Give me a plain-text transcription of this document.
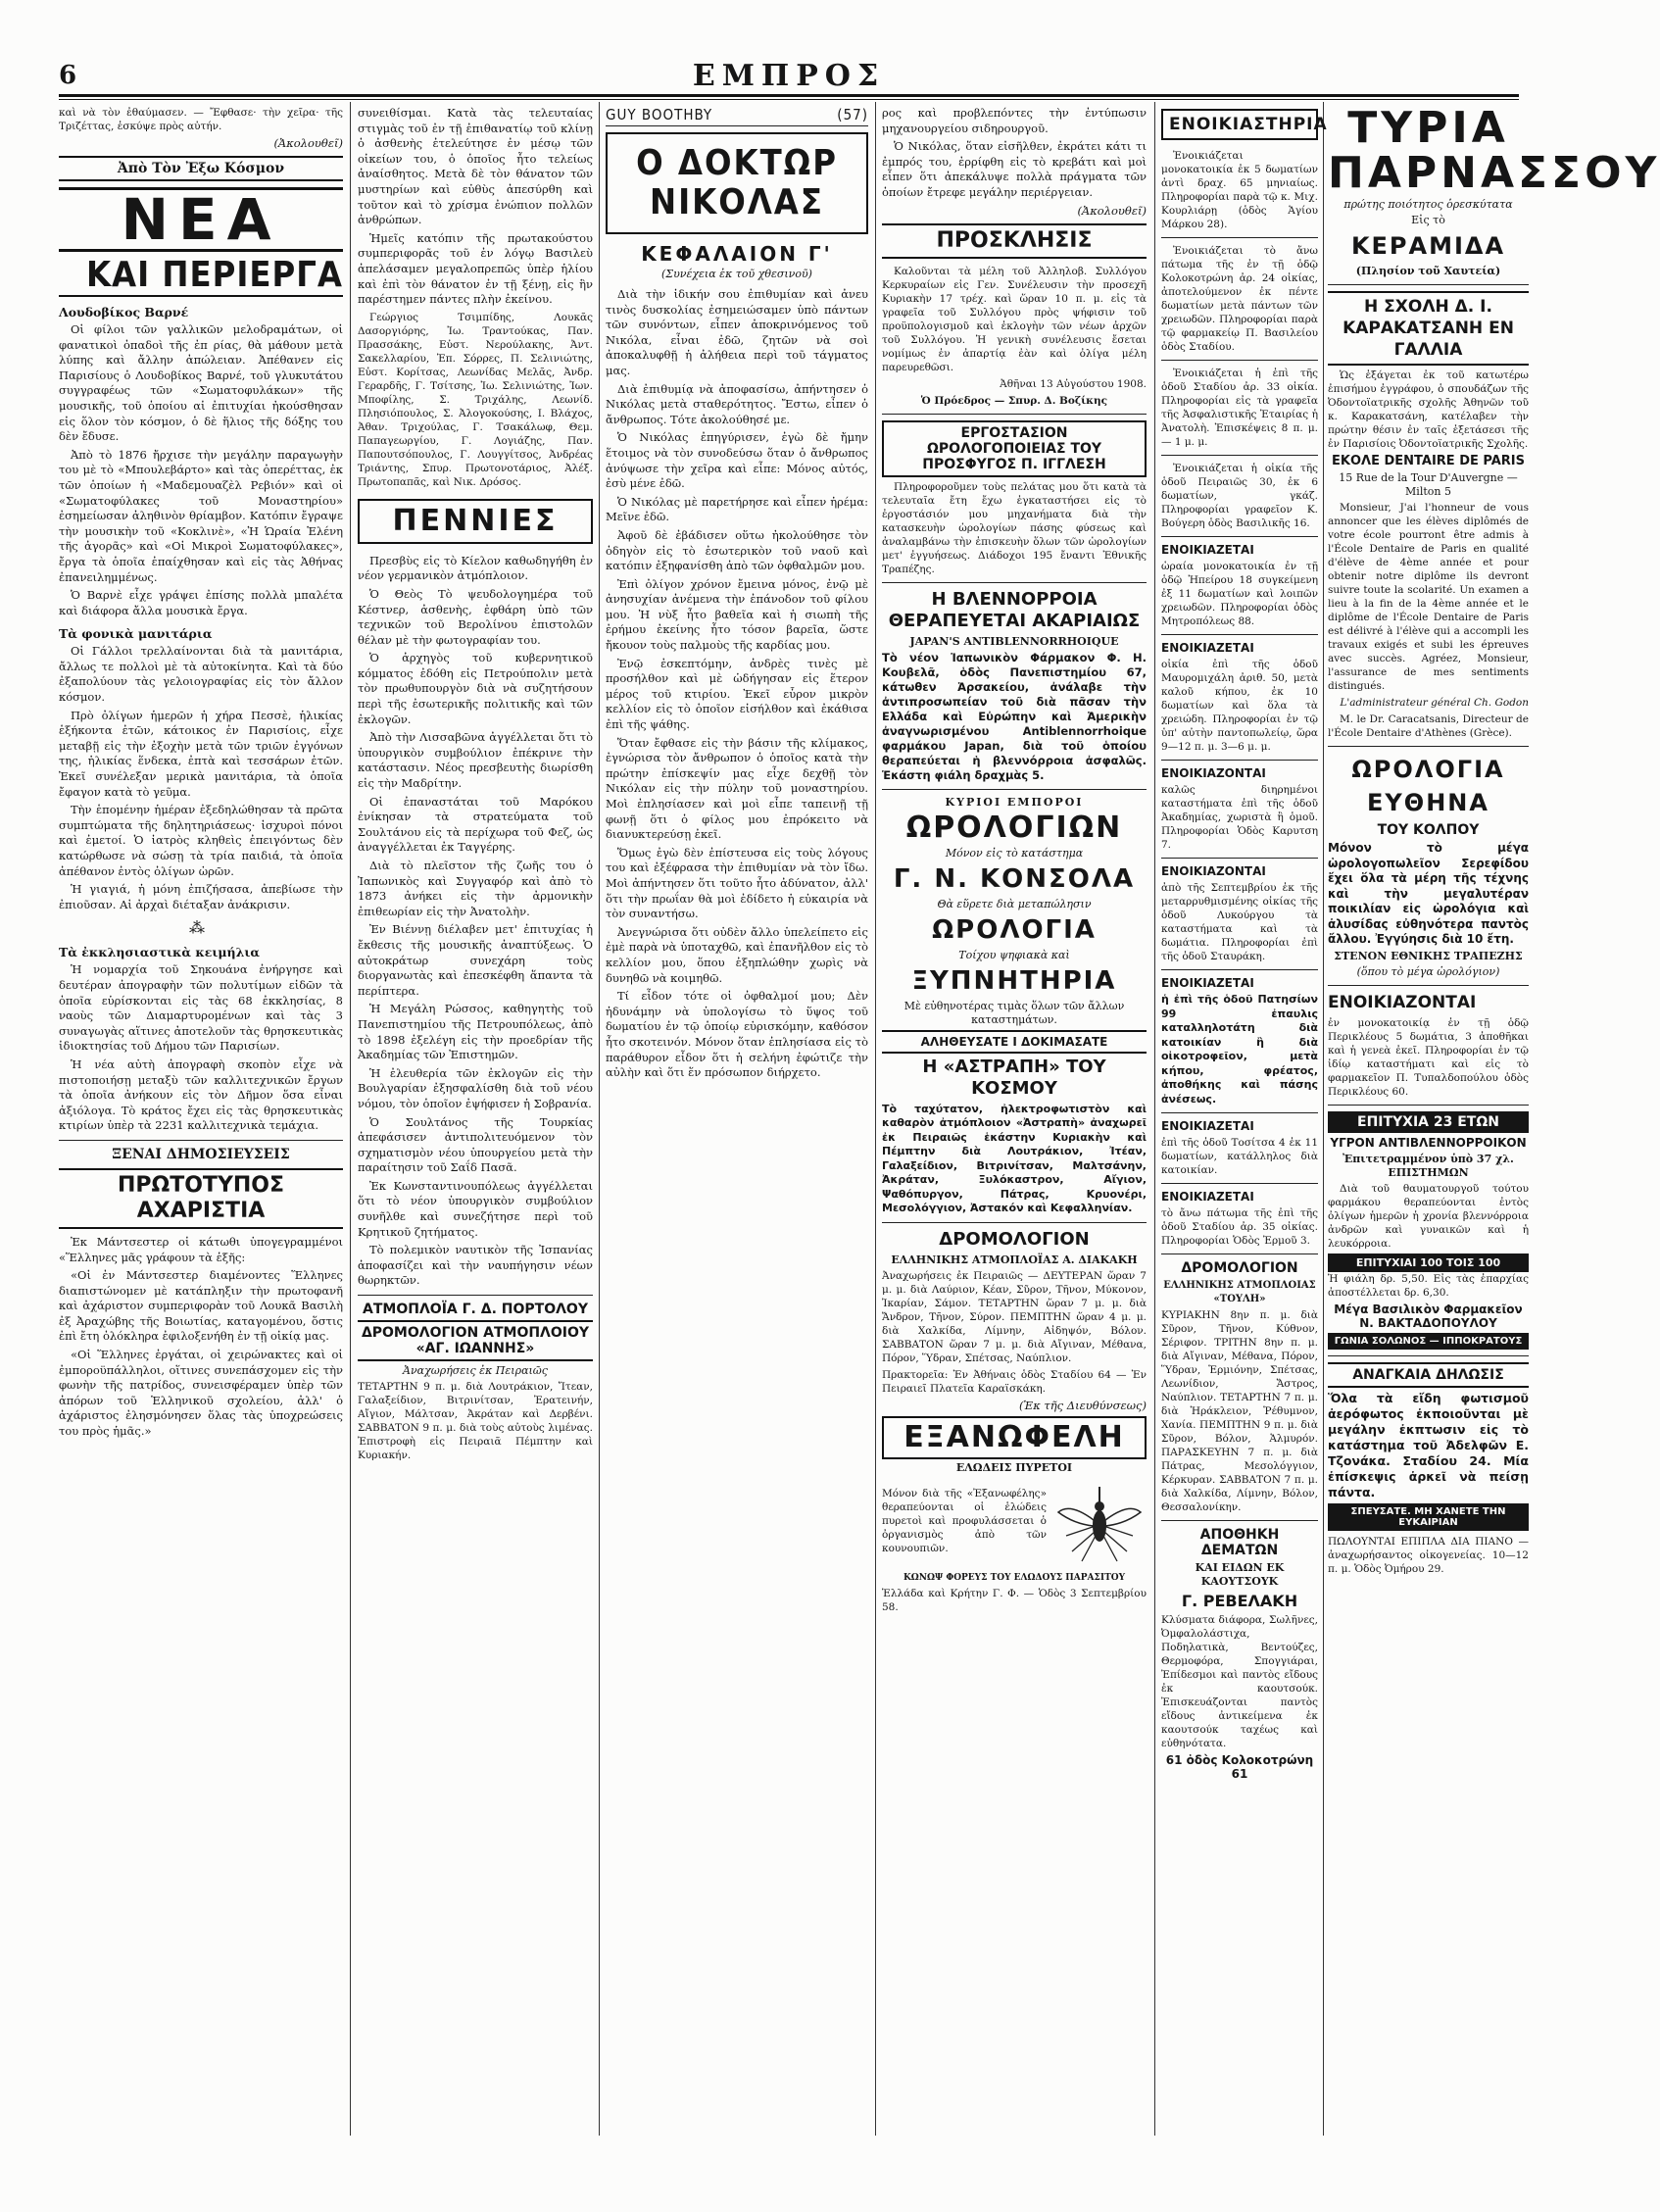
6	ΕΜΠΡΟΣ
καὶ νὰ τὸν ἐθαύμασεν. — Ἔφθασε· τὴν χεῖρα· τῆς Τριζέττας, ἐσκύψε πρὸς αὐτήν.
(Ἀκολουθεῖ)
Ἀπὸ Τὸν Ἐξω Κόσμον
ΝΕΑ
ΚΑΙ ΠΕΡΙΕΡΓΑ
Λουδοβίκος Βαρνέ
Οἱ φίλοι τῶν γαλλικῶν μελοδραμάτων, οἱ φανατικοὶ ὀπαδοὶ τῆς ἐπ ρίας, θὰ μάθουν μετὰ λύπης καὶ ἄλλην ἀπώλειαν. Ἀπέθανεν εἰς Παρισίους ὁ Λουδοβίκος Βαρνέ, τοῦ γλυκυτάτου συγγραφέως τῶν «Σωματοφυλάκων» τῆς μουσικῆς, τοῦ ὁποίου αἱ ἐπιτυχίαι ἠκούσθησαν εἰς ὅλον τὸν κόσμον, ὁ δὲ ἥλιος τῆς δόξης του δὲν ἔδυσε.
Ἀπὸ τὸ 1876 ἤρχισε τὴν μεγάλην παραγωγὴν του μὲ τὸ «Μπουλεβάρτο» καὶ τὰς ὀπερέττας, ἐκ τῶν ὁποίων ἡ «Μαδεμουαζὲλ Ρεβιόν» καὶ οἱ «Σωματοφύλακες τοῦ Μοναστηρίου» ἐσημείωσαν ἀληθινὸν θρίαμβον. Κατόπιν ἔγραψε τὴν μουσικὴν τοῦ «Κοκλινὲ», «Ἡ Ὡραία Ἑλένη τῆς ἀγορᾶς» καὶ «Οἱ Μικροὶ Σωματοφύλακες», ἔργα τὰ ὁποῖα ἐπαίχθησαν καὶ εἰς τὰς Ἀθήνας ἐπανειλημμένως.
Ὁ Βαρνὲ εἶχε γράψει ἐπίσης πολλὰ μπαλέτα καὶ διάφορα ἄλλα μουσικὰ ἔργα.
Τὰ φονικὰ μανιτάρια
Οἱ Γάλλοι τρελλαίνονται διὰ τὰ μανιτάρια, ἄλλως τε πολλοὶ μὲ τὰ αὐτοκίνητα. Καὶ τὰ δύο ἐξαπολύουν τὰς γελοιογραφίας εἰς τὸν ἄλλον κόσμον.
Πρὸ ὀλίγων ἡμερῶν ἡ χήρα Πεσσὲ, ἡλικίας ἑξήκοντα ἐτῶν, κάτοικος ἐν Παρισίοις, εἶχε μεταβῇ εἰς τὴν ἐξοχὴν μετὰ τῶν τριῶν ἐγγόνων της, ἡλικίας ἕνδεκα, ἐπτὰ καὶ τεσσάρων ἐτῶν. Ἐκεῖ συνέλεξαν μερικὰ μανιτάρια, τὰ ὁποῖα ἔφαγον κατὰ τὸ γεῦμα.
Τὴν ἑπομένην ἡμέραν ἐξεδηλώθησαν τὰ πρῶτα συμπτώματα τῆς δηλητηριάσεως· ἰσχυροὶ πόνοι καὶ ἐμετοί. Ὁ ἰατρὸς κληθεὶς ἐπειγόντως δὲν κατώρθωσε νὰ σώσῃ τὰ τρία παιδιά, τὰ ὁποῖα ἀπέθανον ἐντὸς ὀλίγων ὡρῶν.
Ἡ γιαγιά, ἡ μόνη ἐπιζήσασα, ἀπεβίωσε τὴν ἐπιοῦσαν. Αἱ ἀρχαὶ διέταξαν ἀνάκρισιν.
⁂
Τὰ ἐκκλησιαστικὰ κειμήλια
Ἡ νομαρχία τοῦ Σηκουάνα ἐνήργησε καὶ δευτέραν ἀπογραφὴν τῶν πολυτίμων εἰδῶν τὰ ὁποῖα εὑρίσκονται εἰς τὰς 68 ἐκκλησίας, 8 ναοὺς τῶν Διαμαρτυρομένων καὶ τὰς 3 συναγωγὰς αἵτινες ἀποτελοῦν τὰς θρησκευτικὰς ἰδιοκτησίας τοῦ Δήμου τῶν Παρισίων.
Ἡ νέα αὐτὴ ἀπογραφὴ σκοπὸν εἶχε νὰ πιστοποιήσῃ μεταξὺ τῶν καλλιτεχνικῶν ἔργων τὰ ὁποῖα ἀνήκουν εἰς τὸν Δῆμον ὅσα εἶναι ἀξιόλογα. Τὸ κράτος ἔχει εἰς τὰς θρησκευτικὰς κτιρίων ὑπὲρ τὰ 2231 καλλιτεχνικὰ τεμάχια.
ΞΕΝΑΙ ΔΗΜΟΣΙΕΥΣΕΙΣ
ΠΡΩΤΟΤΥΠΟΣ ΑΧΑΡΙΣΤΙΑ
Ἐκ Μάντσεστερ οἱ κάτωθι ὑπογεγραμμένοι «Ἕλληνες μᾶς γράφουν τὰ ἑξῆς:
«Οἱ ἐν Μάντσεστερ διαμένοντες Ἕλληνες διαπιστώνομεν μὲ κατάπληξιν τὴν πρωτοφανῆ καὶ ἀχάριστον συμπεριφορὰν τοῦ Λουκᾶ Βασιλὴ ἐξ Ἀραχώβης τῆς Βοιωτίας, καταγομένου, ὅστις ἐπὶ ἔτη ὁλόκληρα ἐφιλοξενήθη ἐν τῇ οἰκίᾳ μας.
«Οἱ Ἕλληνες ἐργάται, οἱ χειρώνακτες καὶ οἱ ἐμποροϋπάλληλοι, οἵτινες συνεπάσχομεν εἰς τὴν φωνὴν τῆς πατρίδος, συνεισφέραμεν ὑπὲρ τῶν ἀπόρων τοῦ Ἑλληνικοῦ σχολείου, ἀλλ' ὁ ἀχάριστος ἐλησμόνησεν ὅλας τὰς ὑποχρεώσεις του πρὸς ἡμᾶς.»
συνειθίσμαι. Κατὰ τὰς τελευταίας στιγμὰς τοῦ ἐν τῇ ἐπιθανατίῳ τοῦ κλίνῃ ὁ ἀσθενὴς ἐτελεύτησε ἐν μέσῳ τῶν οἰκείων του, ὁ ὁποῖος ἦτο τελείως ἀναίσθητος. Μετὰ δὲ τὸν θάνατον τῶν μυστηρίων καὶ εὐθὺς ἀπεσύρθη καὶ τοῦτον καὶ τὸ χρίσμα ἐνώπιον πολλῶν ἀνθρώπων.
Ἡμεῖς κατόπιν τῆς πρωτακούστου συμπεριφορᾶς τοῦ ἐν λόγῳ Βασιλεὺ ἀπελάσαμεν μεγαλοπρεπῶς ὑπὲρ ἡλίου καὶ ἐπὶ τὸν θάνατον ἐν τῇ ξένῃ, εἰς ἣν παρέστημεν πάντες πλὴν ἐκείνου.
Γεώργιος Τσιμπίδης, Λουκᾶς Δασοργιόρης, Ἰω. Τραντούκας, Παν. Πρασσάκης, Εὐστ. Νερούλακης, Ἀντ. Σακελλαρίου, Ἐπ. Σόρρες, Π. Σελινιώτης, Εὐστ. Κορίτσας, Λεωνίδας Μελᾶς, Ἀνδρ. Γεραρδῆς, Γ. Τσίτσης, Ἰω. Σελινιώτης, Ἰων. Μποφίλης, Σ. Τριχάλης, Λεωνίδ. Πλησιόπουλος, Σ. Ἀλογοκούσης, Ι. Βλάχος, Ἀθαν. Τριχούλας, Γ. Τσακάλωφ, Θεμ. Παπαγεωργίου, Γ. Λογιάζης, Παν. Παπουτσόπουλος, Γ. Λουγγίτσος, Ἀνδρέας Τριάντης, Σπυρ. Πρωτονοτάριος, Ἀλέξ. Πρωτοπαπᾶς, καὶ Νικ. Δρόσος.
ΠΕΝΝΙΕΣ
Πρεσβὺς εἰς τὸ Κίελον καθωδηγήθη ἐν νέον γερμανικὸν ἀτμόπλοιον.
Ὁ Θεὸς Τὸ ψευδολογημέρα τοῦ Κέστνερ, ἀσθενὴς, ἐφθάρη ὑπὸ τῶν τεχνικῶν τοῦ Βερολίνου ἐπιστολῶν θέλαν μὲ τὴν φωτογραφίαν του.
Ὁ ἀρχηγὸς τοῦ κυβερνητικοῦ κόμματος ἐδόθη εἰς Πετρούπολιν μετὰ τὸν πρωθυπουργὸν διὰ νὰ συζητήσουν περὶ τῆς ἐσωτερικῆς πολιτικῆς καὶ τῶν ἐκλογῶν.
Ἀπὸ τὴν Λισσαβῶνα ἀγγέλλεται ὅτι τὸ ὑπουργικὸν συμβούλιον ἐπέκρινε τὴν κατάστασιν. Νέος πρεσβευτὴς διωρίσθη εἰς τὴν Μαδρίτην.
Οἱ ἐπαναστάται τοῦ Μαρόκου ἐνίκησαν τὰ στρατεύματα τοῦ Σουλτάνου εἰς τὰ περίχωρα τοῦ Φεζ, ὡς ἀναγγέλλεται ἐκ Ταγγέρης.
Διὰ τὸ πλεῖστον τῆς ζωῆς του ὁ Ἰαπωνικὸς καὶ Συγγαφόρ καὶ ἀπὸ τὸ 1873 ἀνήκει εἰς τὴν ἀρμονικὴν ἐπιθεωρίαν εἰς τὴν Ἀνατολὴν.
Ἐν Βιέννῃ διέλαβεν μετ' ἐπιτυχίας ἡ ἔκθεσις τῆς μουσικῆς ἀναπτύξεως. Ὁ αὐτοκράτωρ συνεχάρη τοὺς διοργανωτὰς καὶ ἐπεσκέφθη ἅπαντα τὰ περίπτερα.
Ἡ Μεγάλη Ρώσσος, καθηγητὴς τοῦ Πανεπιστημίου τῆς Πετρουπόλεως, ἀπὸ τὸ 1898 ἐξελέγη εἰς τὴν προεδρίαν τῆς Ἀκαδημίας τῶν Ἐπιστημῶν.
Ἡ ἐλευθερία τῶν ἐκλογῶν εἰς τὴν Βουλγαρίαν ἐξησφαλίσθη διὰ τοῦ νέου νόμου, τὸν ὁποῖον ἐψήφισεν ἡ Σοβρανία.
Ὁ Σουλτάνος τῆς Τουρκίας ἀπεφάσισεν ἀντιπολιτευόμενον τὸν σχηματισμὸν νέου ὑπουργείου μετὰ τὴν παραίτησιν τοῦ Σαΐδ Πασᾶ.
Ἐκ Κωνσταντινουπόλεως ἀγγέλλεται ὅτι τὸ νέον ὑπουργικὸν συμβούλιον συνῆλθε καὶ συνεζήτησε περὶ τοῦ Κρητικοῦ ζητήματος.
Τὸ πολεμικὸν ναυτικὸν τῆς Ἰσπανίας ἀποφασίζει καὶ τὴν ναυπήγησιν νέων θωρηκτῶν.
ΑΤΜΟΠΛΟΪΑ Γ. Δ. ΠΟΡΤΟΛΟΥ
ΔΡΟΜΟΛΟΓΙΟΝ ΑΤΜΟΠΛΟΙΟΥ «ΑΓ. ΙΩΑΝΝΗΣ»
Ἀναχωρήσεις ἐκ Πειραιῶς
ΤΕΤΑΡΤΗΝ 9 π. μ. διὰ Λουτράκιον, Ἴτεαν, Γαλαξείδιον, Βιτρινίτσαν, Ἐρατεινήν, Αἴγιον, Μάλτσαν, Ἀκράταν καὶ Δερβένι. ΣΑΒΒΑΤΟΝ 9 π. μ. διὰ τοὺς αὐτοὺς λιμένας. Ἐπιστροφὴ εἰς Πειραιᾶ Πέμπτην καὶ Κυριακήν.
GUY BOOTHBY	(57)
Ο ΔΟΚΤΩΡ ΝΙΚΟΛΑΣ
ΚΕΦΑΛΑΙΟΝ Γ'
(Συνέχεια ἐκ τοῦ χθεσινοῦ)
Διὰ τὴν ἰδικήν σου ἐπιθυμίαν καὶ ἀνευ τινὸς δυσκολίας ἐσημειώσαμεν ὑπὸ πάντων τῶν συνόντων, εἶπεν ἀποκρινόμενος τοῦ Νικόλα, εἶναι ἐδῶ, ζητῶν νὰ σοὶ ἀποκαλυφθῇ ἡ ἀλήθεια περὶ τοῦ τάγματος μας.
Διὰ ἐπιθυμίᾳ νὰ ἀποφασίσω, ἀπήντησεν ὁ Νικόλας μετὰ σταθερότητος. Ἔστω, εἶπεν ὁ ἄνθρωπος. Τότε ἀκολούθησέ με.
Ὁ Νικόλας ἐπηγύρισεν, ἐγὼ δὲ ἤμην ἕτοιμος νὰ τὸν συνοδεύσω ὅταν ὁ ἄνθρωπος ἀνύψωσε τὴν χεῖρα καὶ εἶπε: Μόνος αὐτός, ἐσὺ μένε ἐδῶ.
Ὁ Νικόλας μὲ παρετήρησε καὶ εἶπεν ἠρέμα: Μεῖνε ἐδῶ.
Ἀφοῦ δὲ ἐβάδισεν οὕτω ἠκολούθησε τὸν ὁδηγὸν εἰς τὸ ἐσωτερικὸν τοῦ ναοῦ καὶ κατόπιν ἐξηφανίσθη ἀπὸ τῶν ὀφθαλμῶν μου.
Ἐπὶ ὀλίγον χρόνον ἔμεινα μόνος, ἐνῷ μὲ ἀνησυχίαν ἀνέμενα τὴν ἐπάνοδον τοῦ φίλου μου. Ἡ νὺξ ἦτο βαθεῖα καὶ ἡ σιωπὴ τῆς ἐρήμου ἐκείνης ἦτο τόσον βαρεῖα, ὥστε ἤκουον τοὺς παλμοὺς τῆς καρδίας μου.
Ἐνῷ ἐσκεπτόμην, ἀνδρὲς τινὲς μὲ προσήλθον καὶ μὲ ὡδήγησαν εἰς ἕτερον μέρος τοῦ κτιρίου. Ἐκεῖ εὗρον μικρὸν κελλίον εἰς τὸ ὁποῖον εἰσήλθον καὶ ἐκάθισα ἐπὶ τῆς ψάθης.
Ὅταν ἔφθασε εἰς τὴν βάσιν τῆς κλίμακος, ἐγνώρισα τὸν ἄνθρωπον ὁ ὁποῖος κατὰ τὴν πρώτην ἐπίσκεψίν μας εἶχε δεχθῇ τὸν Νικόλαν εἰς τὴν πύλην τοῦ μοναστηρίου. Μοὶ ἐπλησίασεν καὶ μοὶ εἶπε ταπεινῇ τῇ φωνῇ ὅτι ὁ φίλος μου ἐπρόκειτο νὰ διανυκτερεύσῃ ἐκεῖ.
Ὅμως ἐγὼ δὲν ἐπίστευσα εἰς τοὺς λόγους του καὶ ἐξέφρασα τὴν ἐπιθυμίαν νὰ τὸν ἴδω. Μοὶ ἀπήντησεν ὅτι τοῦτο ἦτο ἀδύνατον, ἀλλ' ὅτι τὴν πρωΐαν θὰ μοὶ ἐδίδετο ἡ εὐκαιρία νὰ τὸν συναντήσω.
Ἀνεγνώρισα ὅτι οὐδὲν ἄλλο ὑπελείπετο εἰς ἐμὲ παρὰ νὰ ὑποταχθῶ, καὶ ἐπανῆλθον εἰς τὸ κελλίον μου, ὅπου ἐξηπλώθην χωρὶς νὰ δυνηθῶ νὰ κοιμηθῶ.
Τί εἶδον τότε οἱ ὀφθαλμοί μου; Δὲν ἠδυνάμην νὰ ὑπολογίσω τὸ ὕψος τοῦ δωματίου ἐν τῷ ὁποίῳ εὑρισκόμην, καθόσον ἦτο σκοτεινόν. Μόνον ὅταν ἐπλησίασα εἰς τὸ παράθυρον εἶδον ὅτι ἡ σελήνη ἐφώτιζε τὴν αὐλὴν καὶ ὅτι ἕν πρόσωπον διήρχετο.
ρος καὶ προβλεπόντες τὴν ἐντύπωσιν μηχανουργείου σιδηρουργοῦ.
Ὁ Νικόλας, ὅταν εἰσῆλθεν, ἐκράτει κάτι τι ἐμπρός του, ἐρρίφθη εἰς τὸ κρεβάτι καὶ μοὶ εἶπεν ὅτι ἀπεκάλυψε πολλὰ πράγματα τῶν ὁποίων ἔτρεφε μεγάλην περιέργειαν.
(Ἀκολουθεῖ)
ΠΡΟΣΚΛΗΣΙΣ
Καλοῦνται τὰ μέλη τοῦ Ἀλληλοβ. Συλλόγου Κερκυραίων εἰς Γεν. Συνέλευσιν τὴν προσεχῆ Κυριακὴν 17 τρέχ. καὶ ὥραν 10 π. μ. εἰς τὰ γραφεῖα τοῦ Συλλόγου πρὸς ψήφισιν τοῦ προϋπολογισμοῦ καὶ ἐκλογὴν τῶν νέων ἀρχῶν τοῦ Συλλόγου. Ἡ γενικὴ συνέλευσις ἔσεται νομίμως ἐν ἀπαρτίᾳ ἐὰν καὶ ὀλίγα μέλη παρευρεθῶσι.
Ἀθῆναι 13 Αὐγούστου 1908.
Ὁ Πρόεδρος — Σπυρ. Δ. Βοζίκης
ΕΡΓΟΣΤΑΣΙΟΝ ΩΡΟΛΟΓΟΠΟΙΕΙΑΣ ΤΟΥ ΠΡΟΣΦΥΓΟΣ Π. ΙΓΓΛΕΣΗ
Πληροφοροῦμεν τοὺς πελάτας μου ὅτι κατὰ τὰ τελευταῖα ἔτη ἔχω ἐγκαταστήσει εἰς τὸ ἐργοστάσιόν μου μηχανήματα διὰ τὴν κατασκευὴν ὡρολογίων πάσης φύσεως καὶ ἀναλαμβάνω τὴν ἐπισκευὴν ὅλων τῶν ὡρολογίων μετ' ἐγγυήσεως. Διάδοχοι 195 ἔναντι Ἐθνικῆς Τραπέζης.
Η ΒΛΕΝΝΟΡΡΟΙΑ ΘΕΡΑΠΕΥΕΤΑΙ ΑΚΑΡΙΑΙΩΣ
JAPAN'S ANTIBLENNORRHOIQUE
Τὸ νέον Ἰαπωνικὸν Φάρμακον Φ. Η. Κουβελᾶ, ὁδὸς Πανεπιστημίου 67, κάτωθεν Ἀρσακείου, ἀνάλαβε τὴν ἀντιπροσωπείαν τοῦ διὰ πᾶσαν τὴν Ελλάδα καὶ Εὐρώπην καὶ Ἀμερικὴν ἀναγνωρισμένου Antiblennorrhoique φαρμάκου Japan, διὰ τοῦ ὁποίου θεραπεύεται ἡ βλεννόρροια ἀσφαλῶς. Ἐκάστη φιάλη δραχμὰς 5.
ΚΥΡΙΟΙ ΕΜΠΟΡΟΙ
ΩΡΟΛΟΓΙΩΝ
Μόνον εἰς τὸ κατάστημα
Γ. Ν. ΚΟΝΣΟΛΑ
Θὰ εὕρετε διὰ μεταπώλησιν
ΩΡΟΛΟΓΙΑ
Τοίχου ψηφιακὰ καὶ
ΞΥΠΝΗΤΗΡΙΑ
Μὲ εὐθηνοτέρας τιμὰς ὅλων τῶν ἄλλων καταστημάτων.
ΑΛΗΘΕΥΣΑΤΕ Ι ΔΟΚΙΜΑΣΑΤΕ
Η «ΑΣΤΡΑΠΗ» ΤΟΥ ΚΟΣΜΟΥ
Τὸ ταχύτατον, ἠλεκτροφωτιστὸν καὶ καθαρὸν ἀτμόπλοιον «Ἀστραπὴ» ἀναχωρεῖ ἐκ Πειραιῶς ἑκάστην Κυριακὴν καὶ Πέμπτην διὰ Λουτράκιον, Ἰτέαν, Γαλαξείδιον, Βιτρινίτσαν, Μαλτσάνην, Ἀκράταν, Ξυλόκαστρον, Αἴγιον, Ψαθόπυργον, Πάτρας, Κρυονέρι, Μεσολόγγιον, Ἀστακόν καὶ Κεφαλληνίαν.
ΔΡΟΜΟΛΟΓΙΟΝ
ΕΛΛΗΝΙΚΗΣ ΑΤΜΟΠΛΟΪΑΣ Α. ΔΙΑΚΑΚΗ
Ἀναχωρήσεις ἐκ Πειραιῶς — ΔΕΥΤΕΡΑΝ ὥραν 7 μ. μ. διὰ Λαύριον, Κέαν, Σῦρον, Τῆνον, Μύκονον, Ἰκαρίαν, Σάμον. ΤΕΤΑΡΤΗΝ ὥραν 7 μ. μ. διὰ Ἄνδρον, Τῆνον, Σύρον. ΠΕΜΠΤΗΝ ὥραν 4 μ. μ. διὰ Χαλκίδα, Λίμνην, Αἰδηψόν, Βόλον. ΣΑΒΒΑΤΟΝ ὥραν 7 μ. μ. διὰ Αἴγιναν, Μέθανα, Πόρον, Ὕδραν, Σπέτσας, Ναύπλιον.
Πρακτορεῖα: Ἐν Ἀθήναις ὁδὸς Σταδίου 64 — Ἐν Πειραιεῖ Πλατεῖα Καραϊσκάκη.
(Ἐκ τῆς Διευθύνσεως)
ΕΞΑΝΩΦΕΛΗ
ΕΛΩΔΕΙΣ ΠΥΡΕΤΟΙ
Μόνον διὰ τῆς «Ἐξανωφέλης» θεραπεύονται οἱ ἑλώδεις πυρετοὶ καὶ προφυλάσσεται ὁ ὀργανισμὸς ἀπὸ τῶν κουνουπιῶν.
ΚΩΝΩΨ ΦΟΡΕΥΣ ΤΟΥ ΕΛΩΔΟΥΣ ΠΑΡΑΣΙΤΟΥ
Ἑλλάδα καὶ Κρήτην Γ. Φ. — Ὁδὸς 3 Σεπτεμβρίου 58.
ΕΝΟΙΚΙΑΣΤΗΡΙΑ
Ἐνοικιάζεται μονοκατοικία ἐκ 5 δωματίων ἀντὶ δραχ. 65 μηνιαίως. Πληροφορίαι παρὰ τῷ κ. Μιχ. Κουρλιάρῃ (ὁδὸς Ἁγίου Μάρκου 28).
Ἐνοικιάζεται τὸ ἄνω πάτωμα τῆς ἐν τῇ ὁδῷ Κολοκοτρώνη ἀρ. 24 οἰκίας, ἀποτελούμενον ἐκ πέντε δωματίων μετὰ πάντων τῶν χρειωδῶν. Πληροφορίαι παρὰ τῷ φαρμακείῳ Π. Βασιλείου ὁδὸς Σταδίου.
Ἐνοικιάζεται ἡ ἐπὶ τῆς ὁδοῦ Σταδίου ἀρ. 33 οἰκία. Πληροφορίαι εἰς τὰ γραφεῖα τῆς Ἀσφαλιστικῆς Ἑταιρίας ἡ Ἀνατολὴ. Ἐπισκέψεις 8 π. μ. — 1 μ. μ.
Ἐνοικιάζεται ἡ οἰκία τῆς ὁδοῦ Πειραιῶς 30, ἐκ 6 δωματίων, γκάζ. Πληροφορίαι γραφεῖον Κ. Βούγερη ὁδὸς Βασιλικῆς 16.
ΕΝΟΙΚΙΑΖΕΤΑΙ
ὡραία μονοκατοικία ἐν τῇ ὁδῷ Ἠπείρου 18 συγκείμενη ἐξ 11 δωματίων καὶ λοιπῶν χρειωδῶν. Πληροφορίαι ὁδὸς Μητροπόλεως 88.
ΕΝΟΙΚΙΑΖΕΤΑΙ
οἰκία ἐπὶ τῆς ὁδοῦ Μαυρομιχάλη ἀριθ. 50, μετὰ καλοῦ κήπου, ἐκ 10 δωματίων καὶ ὅλα τὰ χρειώδη. Πληροφορίαι ἐν τῷ ὑπ' αὐτὴν παντοπωλείῳ, ὥρα 9—12 π. μ. 3—6 μ. μ.
ΕΝΟΙΚΙΑΖΟΝΤΑΙ
καλῶς διηρημένοι καταστήματα ἐπὶ τῆς ὁδοῦ Ἀκαδημίας, χωριστὰ ἢ ὁμοῦ. Πληροφορίαι Ὁδὸς Καρυτση 7.
ΕΝΟΙΚΙΑΖΟΝΤΑΙ
ἀπὸ τῆς Σεπτεμβρίου ἐκ τῆς μεταρρυθμισμένης οἰκίας τῆς ὁδοῦ Λυκούργου τὰ καταστήματα καὶ τὰ δωμάτια. Πληροφορίαι ἐπὶ τῆς ὁδοῦ Σταυράκη.
ΕΝΟΙΚΙΑΖΕΤΑΙ
ἡ ἐπὶ τῆς ὁδοῦ Πατησίων 99 ἐπαυλις καταλληλοτάτη διὰ κατοικίαν ἢ διὰ οἰκοτροφεῖον, μετὰ κήπου, φρέατος, ἀποθήκης καὶ πάσης ἀνέσεως.
ΕΝΟΙΚΙΑΖΕΤΑΙ
ἐπὶ τῆς ὁδοῦ Τοσίτσα 4 ἐκ 11 δωματίων, κατάλληλος διὰ κατοικίαν.
ΕΝΟΙΚΙΑΖΕΤΑΙ
τὸ ἄνω πάτωμα τῆς ἐπὶ τῆς ὁδοῦ Σταδίου ἀρ. 35 οἰκίας. Πληροφορίαι Ὁδὸς Ἐρμοῦ 3.
ΔΡΟΜΟΛΟΓΙΟΝ
ΕΛΛΗΝΙΚΗΣ ΑΤΜΟΠΛΟΙΑΣ «ΤΟΥΛΗ»
ΚΥΡΙΑΚΗΝ 8ην π. μ. διὰ Σῦρον, Τῆνον, Κύθνον, Σέριφον. ΤΡΙΤΗΝ 8ην π. μ. διὰ Αἴγιναν, Μέθανα, Πόρον, Ὕδραν, Ἑρμιόνην, Σπέτσας, Λεωνίδιον, Ἄστρος, Ναύπλιον. ΤΕΤΑΡΤΗΝ 7 π. μ. διὰ Ἡράκλειον, Ῥέθυμνον, Χανία. ΠΕΜΠΤΗΝ 9 π. μ. διὰ Σῦρον, Βόλον, Ἁλμυρόν. ΠΑΡΑΣΚΕΥΗΝ 7 π. μ. διὰ Πάτρας, Μεσολόγγιον, Κέρκυραν. ΣΑΒΒΑΤΟΝ 7 π. μ. διὰ Χαλκίδα, Λίμνην, Βόλον, Θεσσαλονίκην.
ΑΠΟΘΗΚΗ ΔΕΜΑΤΩΝ
ΚΑΙ ΕΙΔΩΝ ΕΚ ΚΑΟΥΤΣΟΥΚ
Γ. ΡΕΒΕΛΑΚΗ
Κλύσματα διάφορα, Σωλῆνες, Ὀμφαλολάστιχα, Ποδηλατικὰ, Βεντούζες, Θερμοφόρα, Σπογγιάραι, Ἐπίδεσμοι καὶ παντὸς εἴδους ἐκ καουτσούκ. Ἐπισκευάζονται παντὸς εἴδους ἀντικείμενα ἐκ καουτσούκ ταχέως καὶ εὐθηνότατα.
61 ὁδὸς Κολοκοτρώνη 61
ΤΥΡΙΑ ΠΑΡΝΑΣΣΟΥ
πρώτης ποιότητος ὁρεσκύτατα
Εἰς τὸ
ΚΕΡΑΜΙΔΑ
(Πλησίον τοῦ Χαυτεία)
Η ΣΧΟΛΗ Δ. Ι. ΚΑΡΑΚΑΤΣΑΝΗ ΕΝ ΓΑΛΛΙΑ
Ὡς ἐξάγεται ἐκ τοῦ κατωτέρω ἐπισήμου ἐγγράφου, ὁ σπουδάζων τῆς Ὀδοντοϊατρικῆς σχολῆς Ἀθηνῶν τοῦ κ. Καρακατσάνη, κατέλαβεν τὴν πρώτην θέσιν ἐν ταῖς ἐξετάσεσι τῆς ἐν Παρισίοις Ὀδοντοϊατρικῆς Σχολῆς.
ΕΚΟΛΕ DENTAIRE DE PARIS
15 Rue de la Tour D'Auvergne — Milton 5
Monsieur, J'ai l'honneur de vous annoncer que les élèves diplômés de votre école pourront être admis à l'École Dentaire de Paris en qualité d'élève de 4ème année et pour obtenir notre diplôme ils devront suivre toute la scolarité. Un examen a lieu à la fin de la 4ème année et le diplôme de l'École Dentaire de Paris est délivré à l'élève qui a accompli les travaux exigés et subi les épreuves avec succès. Agréez, Monsieur, l'assurance de mes sentiments distingués.
L'administrateur général Ch. Godon
M. le Dr. Caracatsanis, Directeur de l'École Dentaire d'Athènes (Grèce).
ΩΡΟΛΟΓΙΑ ΕΥΘΗΝΑ
ΤΟΥ ΚΟΛΠΟΥ
Μόνον τὸ μέγα ὡρολογοπωλεῖον Σερεφίδου ἔχει ὅλα τὰ μέρη τῆς τέχνης καὶ τὴν μεγαλυτέραν ποικιλίαν εἰς ὡρολόγια καὶ ἀλυσίδας εὐθηνότερα παντὸς ἄλλου. Ἐγγύησις διὰ 10 ἔτη.
ΣΤΕΝΟΝ ΕΘΝΙΚΗΣ ΤΡΑΠΕΖΗΣ
(ὅπου τὸ μέγα ὡρολόγιον)
ΕΝΟΙΚΙΑΖΟΝΤΑΙ
ἐν μονοκατοικίᾳ ἐν τῇ ὁδῷ Περικλέους 5 δωμάτια, 3 ἀποθῆκαι καὶ ἡ γενεὰ ἐκεῖ. Πληροφορίαι ἐν τῷ ἰδίῳ καταστήματι καὶ εἰς τὸ φαρμακεῖον Π. Τυπαλδοπούλου ὁδὸς Περικλέους 60.
ΕΠΙΤΥΧΙΑ 23 ΕΤΩΝ
ΥΓΡΟΝ ΑΝΤΙΒΛΕΝΝΟΡΡΟΙΚΟΝ
Ἐπιτετραμμένον ὑπὸ 37 χλ. ΕΠΙΣΤΗΜΩΝ
Διὰ τοῦ θαυματουργοῦ τούτου φαρμάκου θεραπεύονται ἐντὸς ὀλίγων ἡμερῶν ἡ χρονία βλεννόρροια ἀνδρῶν καὶ γυναικῶν καὶ ἡ λευκόρροια.
ΕΠΙΤΥΧΙΑΙ 100 ΤΟΙΣ 100
Ἡ φιάλη δρ. 5,50. Εἰς τὰς ἐπαρχίας ἀποστέλλεται δρ. 6,30.
Μέγα Βασιλικὸν Φαρμακεῖον Ν. ΒΑΚΤΑΔΟΠΟΥΛΟΥ
ΓΩΝΙΑ ΣΟΛΩΝΟΣ — ΙΠΠΟΚΡΑΤΟΥΣ
ΑΝΑΓΚΑΙΑ ΔΗΛΩΣΙΣ
Ὅλα τὰ εἴδη φωτισμοῦ ἀερόφωτος ἐκποιοῦνται μὲ μεγάλην ἐκπτωσιν εἰς τὸ κατάστημα τοῦ Ἀδελφῶν Ε. Τζονάκα. Σταδίου 24. Μία ἐπίσκεψις ἀρκεῖ νὰ πείσῃ πάντα.
ΣΠΕΥΣΑΤΕ. ΜΗ ΧΑΝΕΤΕ ΤΗΝ ΕΥΚΑΙΡΙΑΝ
ΠΩΛΟΥΝΤΑΙ ΕΠΙΠΛΑ ΔΙΑ ΠΙΑΝΟ — ἀναχωρήσαντος οἰκογενείας. 10—12 π. μ. Ὁδὸς Ὀμήρου 29.
